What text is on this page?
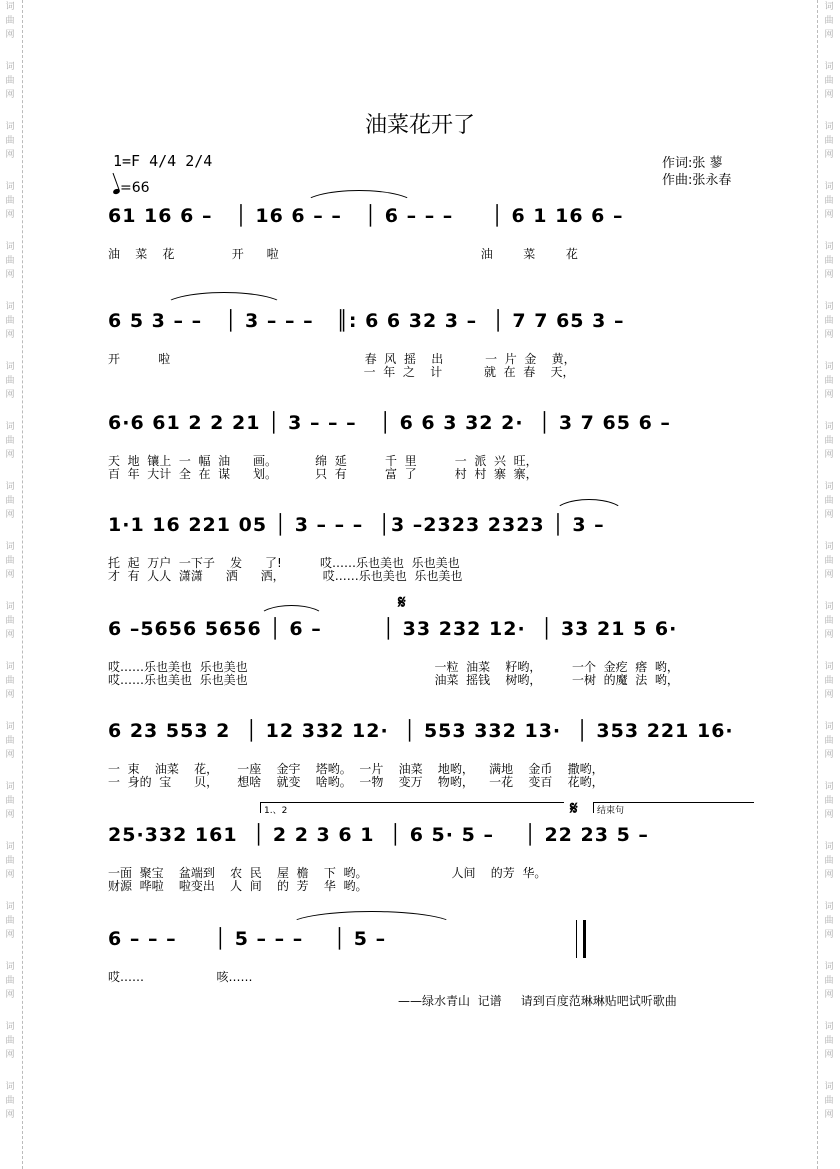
词
曲
网
词
曲
网
词
曲
网
词
曲
网
词
曲
网
词
曲
网
词
曲
网
词
曲
网
词
曲
网
词
曲
网
词
曲
网
词
曲
网
词
曲
网
词
曲
网
词
曲
网
词
曲
网
词
曲
网
词
曲
网
词
曲
网
词
曲
网
词
曲
网
词
曲
网
词
曲
网
词
曲
网
词
曲
网
词
曲
网
词
曲
网
词
曲
网
词
曲
网
词
曲
网
词
曲
网
词
曲
网
词
曲
网
词
曲
网
词
曲
网
词
曲
网
词
曲
网
词
曲
网
油菜花开了
1=F 4/4 2/4
=66
作词:张 蓼
作曲:张永春
61 16 6 –   │ 16 6 – –   │ 6 – – –     │ 6 1 16 6 –
油    菜    花               开      啦                                                     油        菜        花
6 5 3 – –   │ 3 – – –   ║: 6 6 32 3 –  │ 7 7 65 3 –
开          啦                                                   春  风  摇    出           一  片  金    黄，
一  年  之    计           就  在  春    天，
6·6 61 2 2 21 │ 3 – – –   │ 6 6 3 32 2·  │ 3 7 65 6 –
天  地  镶上  一  幅  油      画。          绵  延          千  里          一  派  兴  旺，
百  年  大计  全  在  谋      划。          只  有          富  了          村  村  寨  寨，
1·1 16 221 05 │ 3 – – –  │3 –2323 2323 │ 3 –
托  起  万户  一下子    发      了!          哎……乐也美也  乐也美也
才  有  人人  潇潇      洒      洒，          哎……乐也美也  乐也美也
6 –5656 5656 │ 6 –        │ 33 232 12·  │ 33 21 5 6·
哎……乐也美也  乐也美也                                                 一粒  油菜    籽哟，        一个  金疙  瘩  哟，
哎……乐也美也  乐也美也                                                 油菜  摇钱    树哟，        一树  的魔  法  哟，
𝄋
6 23 553 2  │ 12 332 12·  │ 553 332 13·  │ 353 221 16·
一  束    油菜    花，     一座    金宇    塔哟。  一片    油菜    地哟，    满地    金币    撒哟，
一  身的  宝      贝，     想啥    就变    啥哟。  一物    变万    物哟，    一花    变百    花哟，
1.、2	𝄋	结束句
25·332 161  │ 2 2 3 6 1  │ 6 5· 5 –    │ 22 23 5 –
一面  聚宝    盆端到    农  民    屋  檐    下  哟。                      人间    的芳  华。
财源  哗啦    啦变出    人  间    的  芳    华  哟。
6 – – –     │ 5 – – –    │ 5 –
哎……                   咳……
——绿水青山  记谱     请到百度范琳琳贴吧试听歌曲
